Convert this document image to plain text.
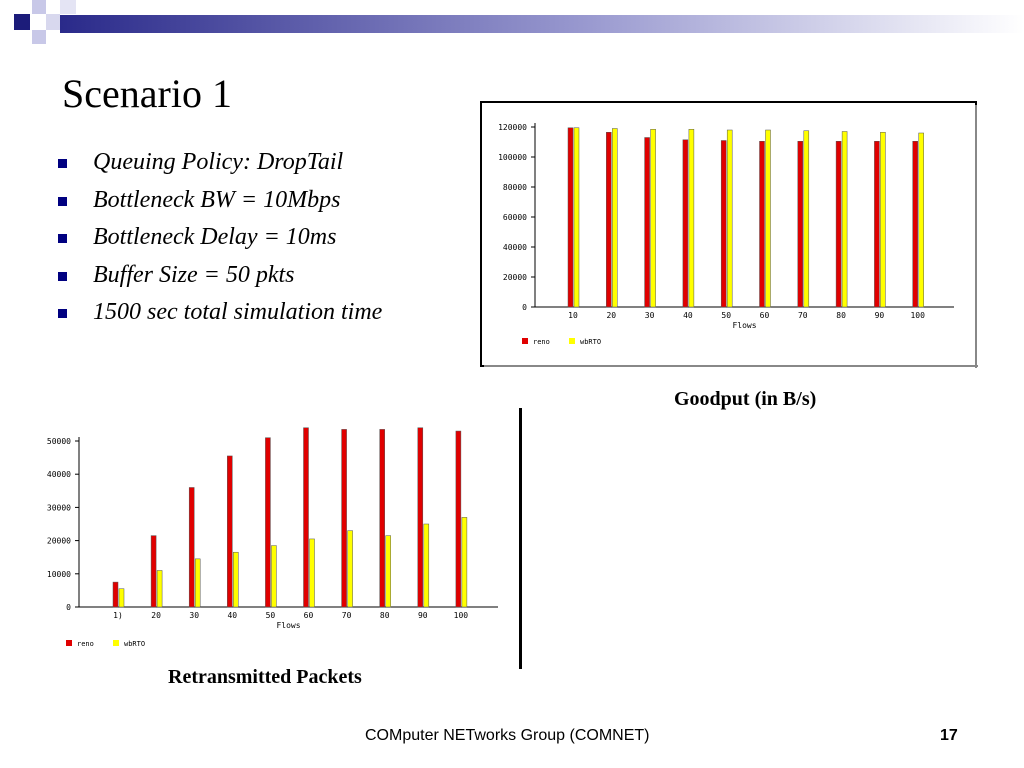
Scenario 1
Queuing Policy: DropTail
Bottleneck BW = 10Mbps
Bottleneck Delay = 10ms
Buffer Size = 50 pkts
1500 sec total simulation time	0
20000
40000
60000
80000
100000
120000
10	20	30	40	50	60	70	80	90	100
Flows
reno	wbRTO
Goodput (in B/s)
0
10000
20000
30000
40000
50000
1)	20	30	40	50	60	70	80	90	100
Flows
reno	wbRTO
Retransmitted Packets
COMputer NETworks Group (COMNET)	17
